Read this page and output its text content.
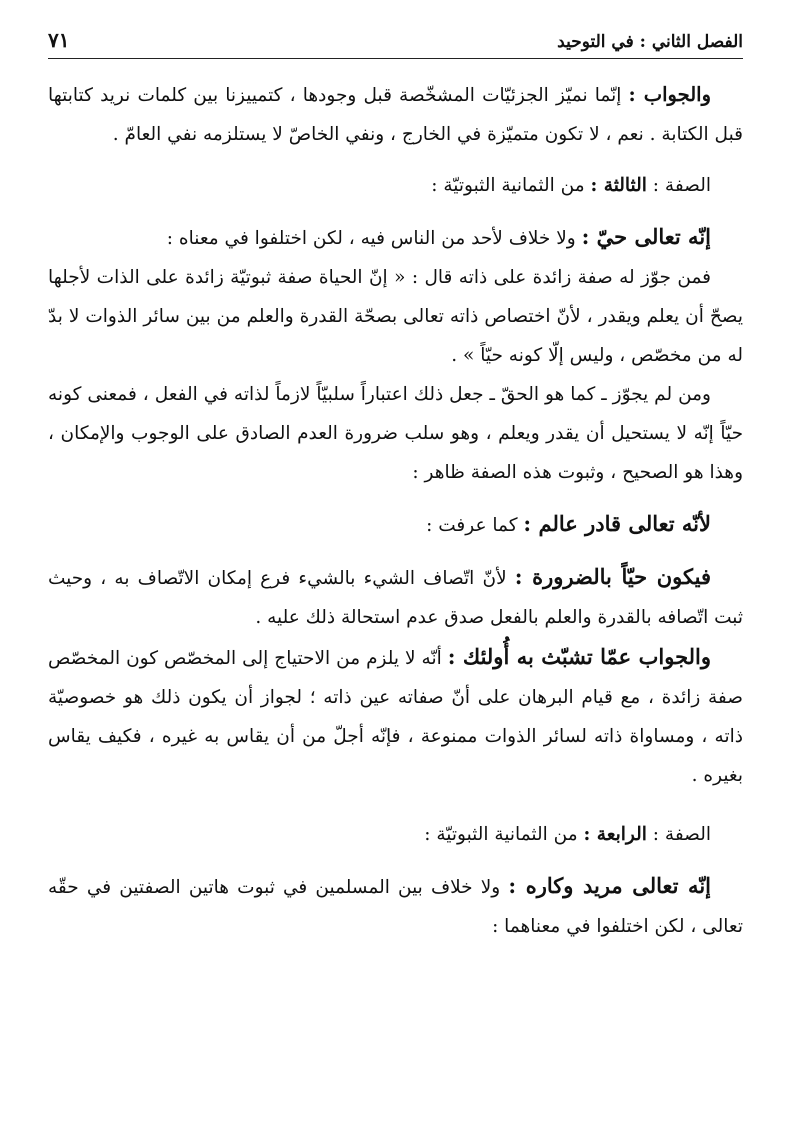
الفصل الثاني : في التوحيد
٧١

والجواب : إنّما نميّز الجزئيّات المشخّصة قبل وجودها ، كتمييزنا بين كلمات نريد كتابتها قبل الكتابة . نعم ، لا تكون متميّزة في الخارج ، ونفي الخاصّ لا يستلزمه نفي العامّ .

الصفة : الثالثة : من الثمانية الثبوتيّة :

إنّه تعالى حيّ : ولا خلاف لأحد من الناس فيه ، لكن اختلفوا في معناه :

فمن جوّز له صفة زائدة على ذاته قال : « إنّ الحياة صفة ثبوتيّة زائدة على الذات لأجلها يصحّ أن يعلم ويقدر ، لأنّ اختصاص ذاته تعالى بصحّة القدرة والعلم من بين سائر الذوات لا بدّ له من مخصّص ، وليس إلّا كونه حيّاً » .

ومن لم يجوّز ـ كما هو الحقّ ـ جعل ذلك اعتباراً سلبيّاً لازماً لذاته في الفعل ، فمعنى كونه حيّاً إنّه لا يستحيل أن يقدر ويعلم ، وهو سلب ضرورة العدم الصادق على الوجوب والإمكان ، وهذا هو الصحيح ، وثبوت هذه الصفة ظاهر :

لأنّه تعالى قادر عالم : كما عرفت :

فيكون حيّاً بالضرورة : لأنّ اتّصاف الشيء بالشيء فرع إمكان الاتّصاف به ، وحيث ثبت اتّصافه بالقدرة والعلم بالفعل صدق عدم استحالة ذلك عليه .

والجواب عمّا تشبّث به أُولئك : أنّه لا يلزم من الاحتياج إلى المخصّص كون المخصّص صفة زائدة ، مع قيام البرهان على أنّ صفاته عين ذاته ؛ لجواز أن يكون ذلك هو خصوصيّة ذاته ، ومساواة ذاته لسائر الذوات ممنوعة ، فإنّه أجلّ من أن يقاس به غيره ، فكيف يقاس بغيره .

الصفة : الرابعة : من الثمانية الثبوتيّة :

إنّه تعالى مريد وكاره : ولا خلاف بين المسلمين في ثبوت هاتين الصفتين في حقّه تعالى ، لكن اختلفوا في معناهما :
